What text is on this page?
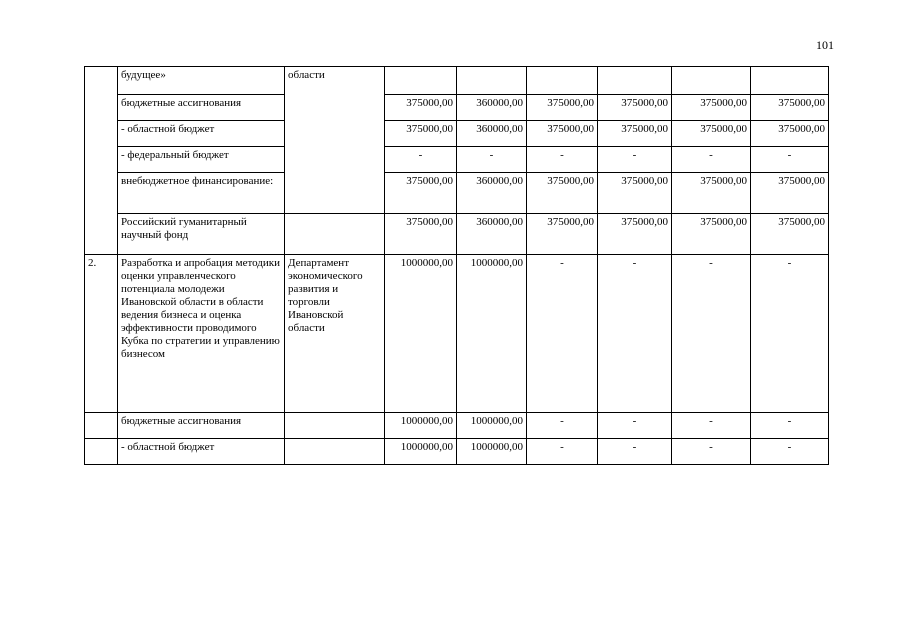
101
	будущее»	области						
	бюджетные ассигнования		375000,00	360000,00	375000,00	375000,00	375000,00	375000,00
	- областной бюджет		375000,00	360000,00	375000,00	375000,00	375000,00	375000,00
	- федеральный бюджет		-	-	-	-	-	-
	внебюджетное финансирование:		375000,00	360000,00	375000,00	375000,00	375000,00	375000,00
	Российский гуманитарный научный фонд		375000,00	360000,00	375000,00	375000,00	375000,00	375000,00
2.	Разработка и апробация методики оценки управленческого потенциала молодежи Ивановской области в области ведения бизнеса и оценка эффективности проводимого Кубка по стратегии и управлению бизнесом	Департамент экономического развития и торговли Ивановской области	1000000,00	1000000,00	-	-	-	-
	бюджетные ассигнования		1000000,00	1000000,00	-	-	-	-
	- областной бюджет		1000000,00	1000000,00	-	-	-	-
